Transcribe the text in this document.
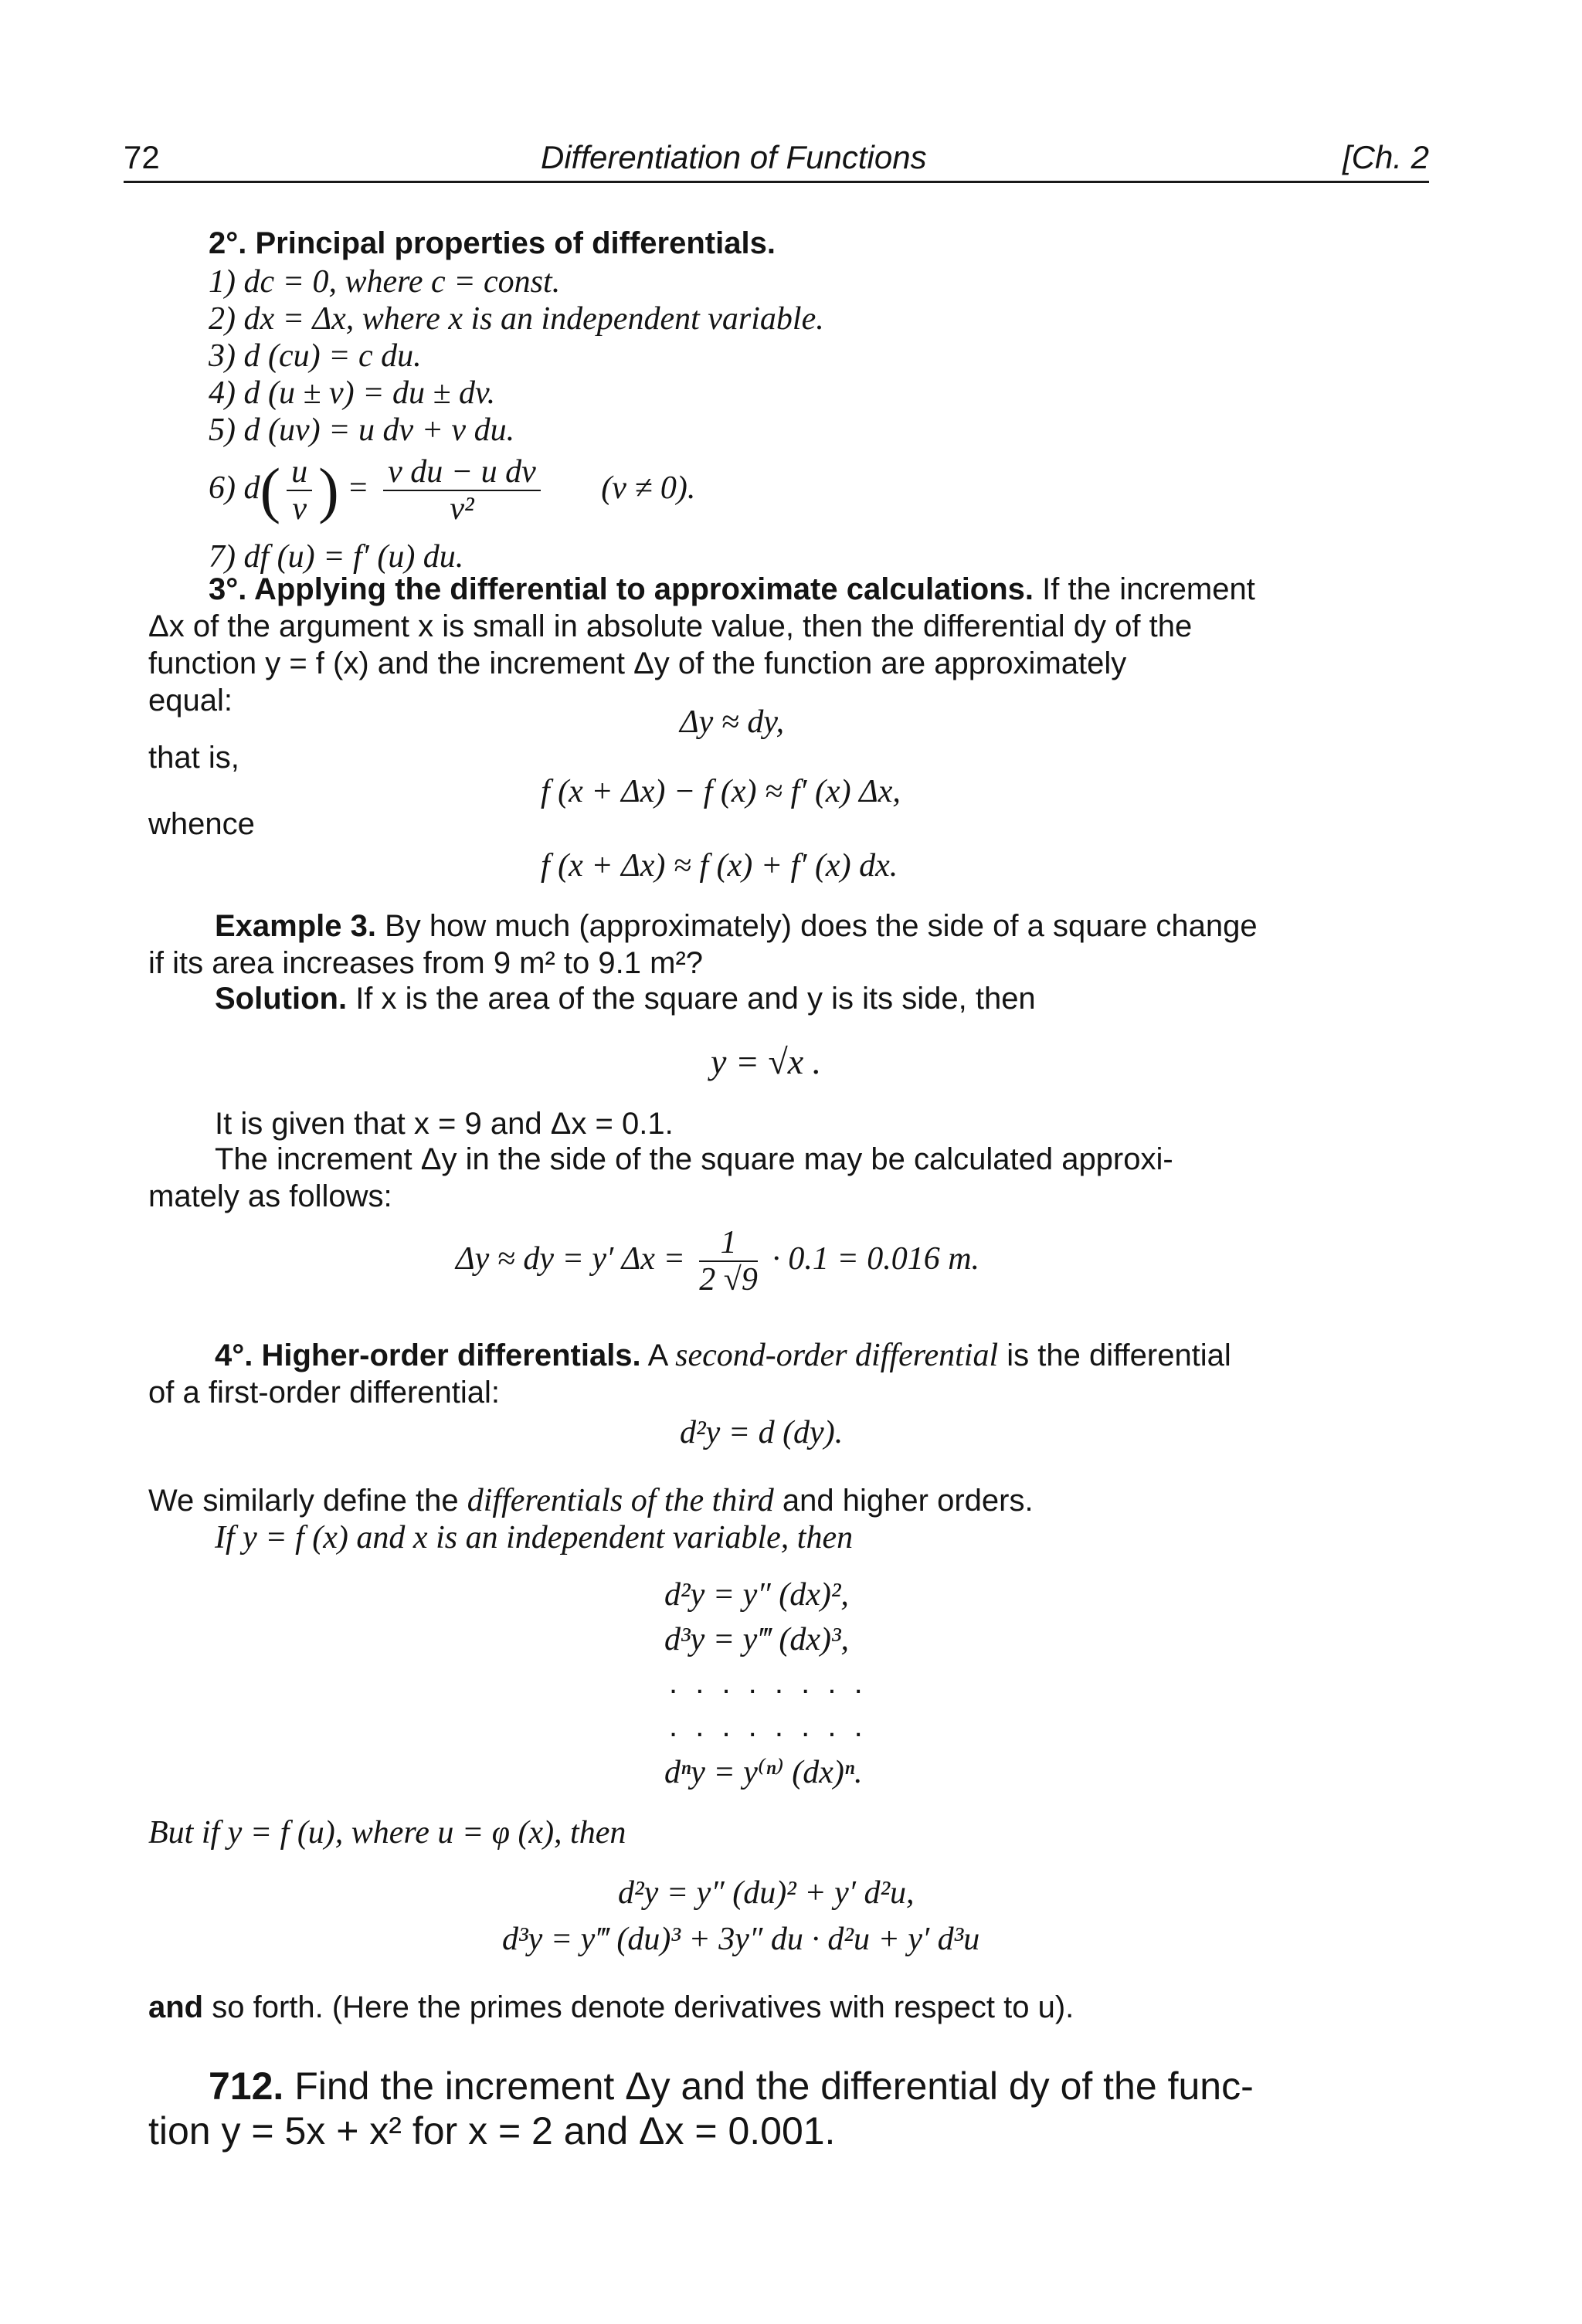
72	Differentiation of Functions	[Ch. 2
2°. Principal properties of differentials.
1) dc = 0, where c = const.
2) dx = Δx, where x is an independent variable.
3) d (cu) = c du.
4) d (u ± v) = du ± dv.
5) d (uv) = u dv + v du.
6) $d( \frac{u}{v}$ ) = $\frac{\text{v du − u dv}}{\text{v²}} (v \ne 0)$.
7) df (u) = f′ (u) du.
3°. Applying the differential to approximate calculations. If the increment
Δx of the argument x is small in absolute value, then the differential dy of the
function y = f (x) and the increment Δy of the function are approximately
equal:
Δy ≈ dy,
that is,
f (x + Δx) − f (x) ≈ f′ (x) Δx,
whence
f (x + Δx) ≈ f (x) + f′ (x) dx.
Example 3. By how much (approximately) does the side of a square change
if its area increases from 9 m² to 9.1 m²?
Solution. If x is the area of the square and y is its side, then
y = √x .
It is given that x = 9 and Δx = 0.1.
The increment Δy in the side of the square may be calculated approxi-
mately as follows:
Δy ≈ dy = y′ $\Delta x = \frac{1}{2 √9} \cdot 0.1 = 0.016$ m.
4°. Higher-order differentials. A second-order differential is the differential
of a first-order differential:
d²y = d (dy).
We similarly define the differentials of the third and higher orders.
If y = f (x) and x is an independent variable, then
d²y = y″ (dx)²,
d³y = y‴ (dx)³,
. . . . . . . .
. . . . . . . .
dⁿy = y⁽ⁿ⁾ (dx)ⁿ.
But if y = f (u), where u = φ (x), then
d²y = y″ (du)² + y′ d²u,
d³y = y‴ (du)³ + 3y″ du · d²u + y′ d³u
and so forth. (Here the primes denote derivatives with respect to u).
712. Find the increment Δy and the differential dy of the func-
tion y = 5x + x² for x = 2 and Δx = 0.001.
